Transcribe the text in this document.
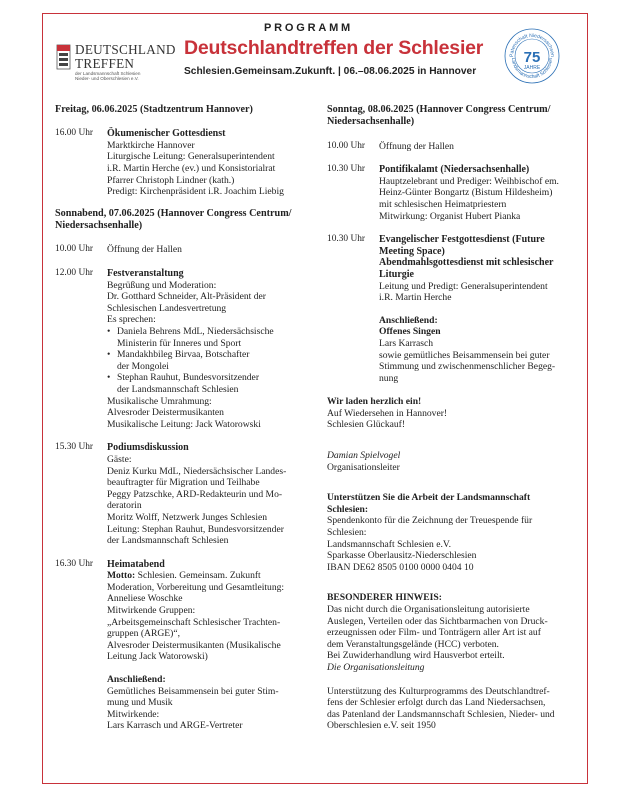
PROGRAMM
DEUTSCHLAND
TREFFEN
der Landsmannschaft Schlesien
Nieder- und Oberschlesien e.V.
Deutschlandtreffen der Schlesier
Schlesien.Gemeinsam.Zukunft. | 06.–08.06.2025 in Hannover
Patenschaft Niedersachsen
Landsmannschaft Schlesien
75
JAHRE
Freitag, 06.06.2025 (Stadtzentrum Hannover)
16.00 Uhr Ökumenischer Gottesdienst
Marktkirche Hannover
Liturgische Leitung: Generalsuperintendent
i.R. Martin Herche (ev.) und Konsistorialrat
Pfarrer Christoph Lindner (kath.)
Predigt: Kirchenpräsident i.R. Joachim Liebig
Sonnabend, 07.06.2025 (Hannover Congress Centrum/
Niedersachsenhalle)
10.00 Uhr Öffnung der Hallen
12.00 Uhr Festveranstaltung
Begrüßung und Moderation:
Dr. Gotthard Schneider, Alt-Präsident der
Schlesischen Landesvertretung
Es sprechen:
• Daniela Behrens MdL, Niedersächsische
Ministerin für Inneres und Sport
• Mandakhbileg Birvaa, Botschafter
der Mongolei
• Stephan Rauhut, Bundesvorsitzender
der Landsmannschaft Schlesien
Musikalische Umrahmung:
Alvesroder Deistermusikanten
Musikalische Leitung: Jack Watorowski
15.30 Uhr Podiumsdiskussion
Gäste:
Deniz Kurku MdL, Niedersächsischer Landes-
beauftragter für Migration und Teilhabe
Peggy Patzschke, ARD-Redakteurin und Mo-
deratorin
Moritz Wolff, Netzwerk Junges Schlesien
Leitung: Stephan Rauhut, Bundesvorsitzender
der Landsmannschaft Schlesien
16.30 Uhr Heimatabend
Motto: Schlesien. Gemeinsam. Zukunft
Moderation, Vorbereitung und Gesamtleitung:
Anneliese Woschke
Mitwirkende Gruppen:
„Arbeitsgemeinschaft Schlesischer Trachten-
gruppen (ARGE)“,
Alvesroder Deistermusikanten (Musikalische
Leitung Jack Watorowski)
Anschließend:
Gemütliches Beisammensein bei guter Stim-
mung und Musik
Mitwirkende:
Lars Karrasch und ARGE-Vertreter
Sonntag, 08.06.2025 (Hannover Congress Centrum/
Niedersachsenhalle)
10.00 Uhr Öffnung der Hallen
10.30 Uhr Pontifikalamt (Niedersachsenhalle)
Hauptzelebrant und Prediger: Weihbischof em.
Heinz-Günter Bongartz (Bistum Hildesheim)
mit schlesischen Heimatpriestern
Mitwirkung: Organist Hubert Pianka
10.30 Uhr Evangelischer Festgottesdienst (Future
Meeting Space)
Abendmahlsgottesdienst mit schlesischer
Liturgie
Leitung und Predigt: Generalsuperintendent
i.R. Martin Herche
Anschließend:
Offenes Singen
Lars Karrasch
sowie gemütliches Beisammensein bei guter
Stimmung und zwischenmenschlicher Begeg-
nung
Wir laden herzlich ein!
Auf Wiedersehen in Hannover!
Schlesien Glückauf!
Damian Spielvogel
Organisationsleiter
Unterstützen Sie die Arbeit der Landsmannschaft
Schlesien:
Spendenkonto für die Zeichnung der Treuespende für
Schlesien:
Landsmannschaft Schlesien e.V.
Sparkasse Oberlausitz-Niederschlesien
IBAN DE62 8505 0100 0000 0404 10
BESONDERER HINWEIS:
Das nicht durch die Organisationsleitung autorisierte
Auslegen, Verteilen oder das Sichtbarmachen von Druck-
erzeugnissen oder Film- und Tonträgern aller Art ist auf
dem Veranstaltungsgelände (HCC) verboten.
Bei Zuwiderhandlung wird Hausverbot erteilt.
Die Organisationsleitung
Unterstützung des Kulturprogramms des Deutschlandtref-
fens der Schlesier erfolgt durch das Land Niedersachsen,
das Patenland der Landsmannschaft Schlesien, Nieder- und
Oberschlesien e.V. seit 1950
